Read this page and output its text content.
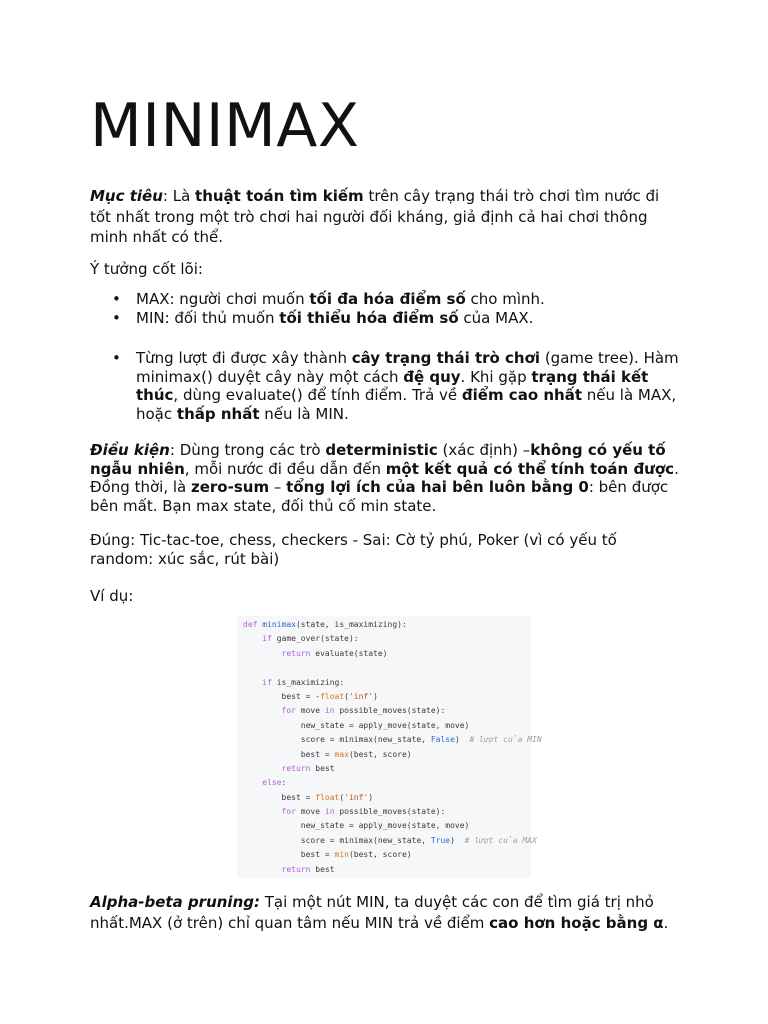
MINIMAX

Mục tiêu: Là thuật toán tìm kiếm trên cây trạng thái trò chơi tìm nước đi tốt nhất trong một trò chơi hai người đối kháng, giả định cả hai chơi thông minh nhất có thể.

Ý tưởng cốt lõi:

• MAX: người chơi muốn tối đa hóa điểm số cho mình.
• MIN: đối thủ muốn tối thiểu hóa điểm số của MAX.
• Từng lượt đi được xây thành cây trạng thái trò chơi (game tree). Hàm minimax() duyệt cây này một cách đệ quy. Khi gặp trạng thái kết thúc, dùng evaluate() để tính điểm. Trả về điểm cao nhất nếu là MAX, hoặc thấp nhất nếu là MIN.

Điều kiện: Dùng trong các trò deterministic (xác định) –không có yếu tố ngẫu nhiên, mỗi nước đi đều dẫn đến một kết quả có thể tính toán được. Đồng thời, là zero-sum – tổng lợi ích của hai bên luôn bằng 0: bên được bên mất. Bạn max state, đối thủ cố min state.

Đúng: Tic-tac-toe, chess, checkers - Sai: Cờ tỷ phú, Poker (vì có yếu tố random: xúc sắc, rút bài)

Ví dụ:

Alpha-beta pruning: Tại một nút MIN, ta duyệt các con để tìm giá trị nhỏ nhất.MAX (ở trên) chỉ quan tâm nếu MIN trả về điểm cao hơn hoặc bằng α.

def minimax(state, is_maximizing):
if game_over(state):
return evaluate(state)

if is_maximizing:
best = -float('inf')
for move in possible_moves(state):
new_state = apply_move(state, move)
score = minimax(new_state, False) # lượt của MIN
best = max(best, score)
return best
else:
best = float('inf')
for move in possible_moves(state):
new_state = apply_move(state, move)
score = minimax(new_state, True) # lượt của MAX
best = min(best, score)
return best
